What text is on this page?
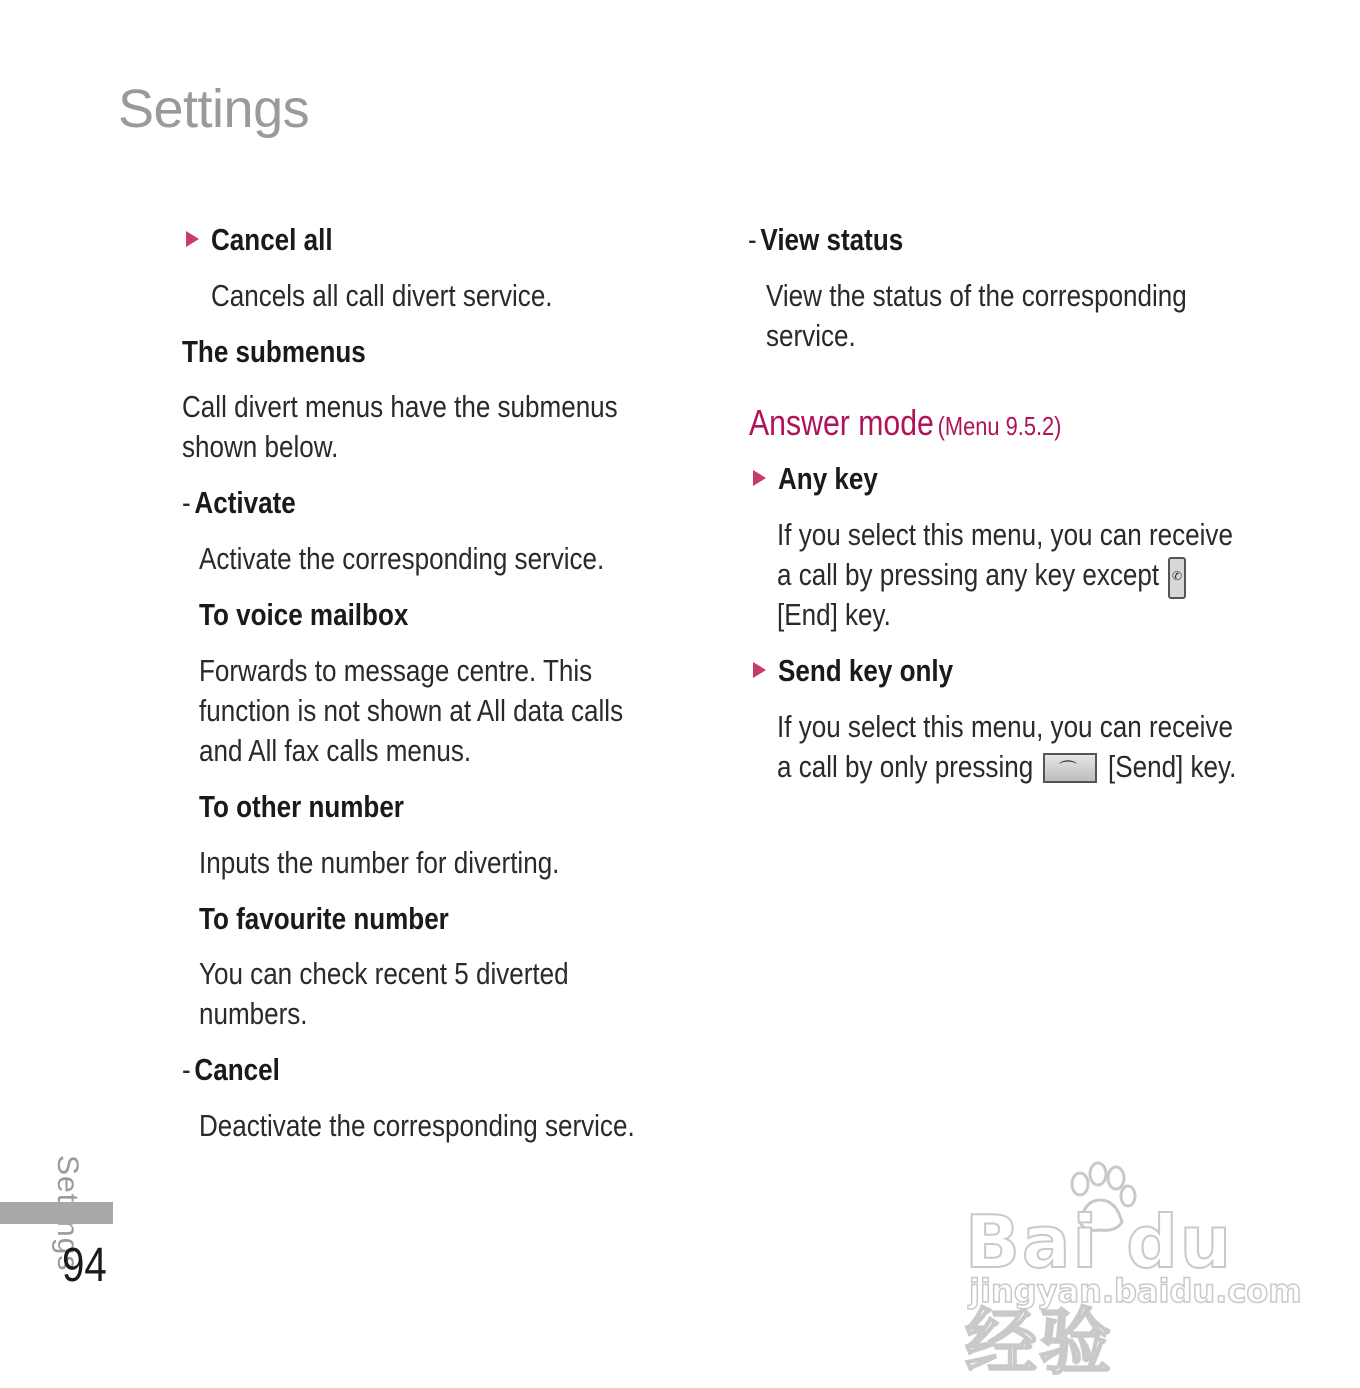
Settings
Cancel all
Cancels all call divert service.
The submenus
Call divert menus have the submenus
shown below.
- Activate
Activate the corresponding service.
To voice mailbox
Forwards to message centre. This
function is not shown at All data calls
and All fax calls menus.
To other number
Inputs the number for diverting.
To favourite number
You can check recent 5 diverted
numbers.
- Cancel
Deactivate the corresponding service.
- View status
View the status of the corresponding
service.
Answer mode (Menu 9.5.2)
Any key
If you select this menu, you can receive
a call by pressing any key except	✆
[End] key.
Send key only
If you select this menu, you can receive
a call by only pressing	⌒ [Send] key.
94	Bai du 经验
jingyan.baidu.com
